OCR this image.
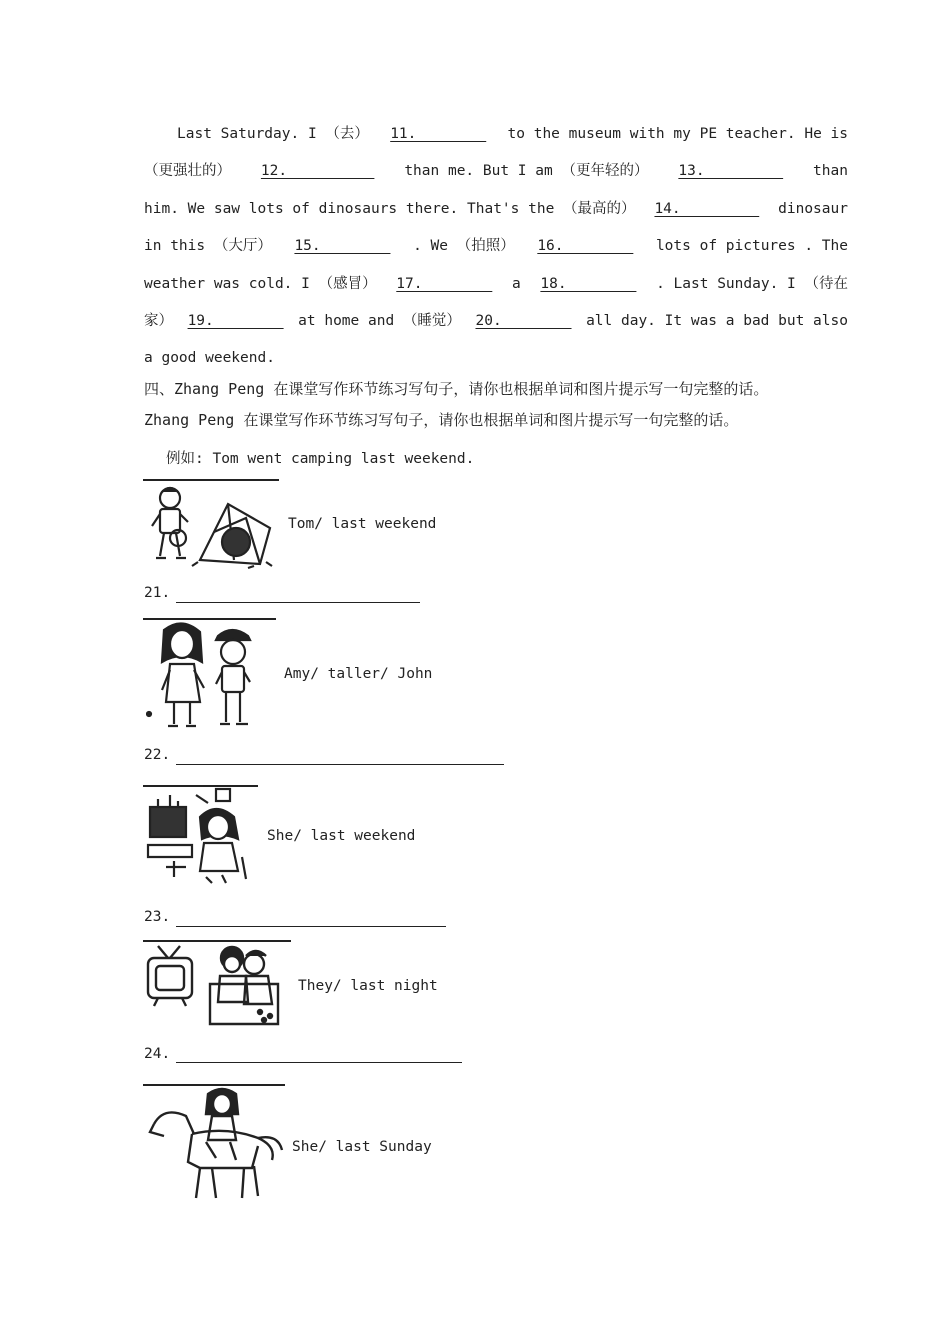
Last Saturday. I （去） 11. to the museum with my PE teacher. He is
（更强壮的） 12. than me. But I am （更年轻的） 13. than
him. We saw lots of dinosaurs there. That's the （最高的） 14. dinosaur
in this （大厅） 15. . We （拍照） 16. lots of pictures . The
weather was cold. I （感冒） 17. a 18. . Last Sunday. I （待在
家） 19. at home and （睡觉） 20. all day. It was a bad but also
a good weekend.
四、Zhang Peng 在课堂写作环节练习写句子，请你也根据单词和图片提示写一句完整的话。
Zhang Peng 在课堂写作环节练习写句子，请你也根据单词和图片提示写一句完整的话。
例如: Tom went camping last weekend.
Tom/ last weekend
21.
Amy/ taller/ John
22.
She/ last weekend
23.
They/ last night
24.
She/ last Sunday
